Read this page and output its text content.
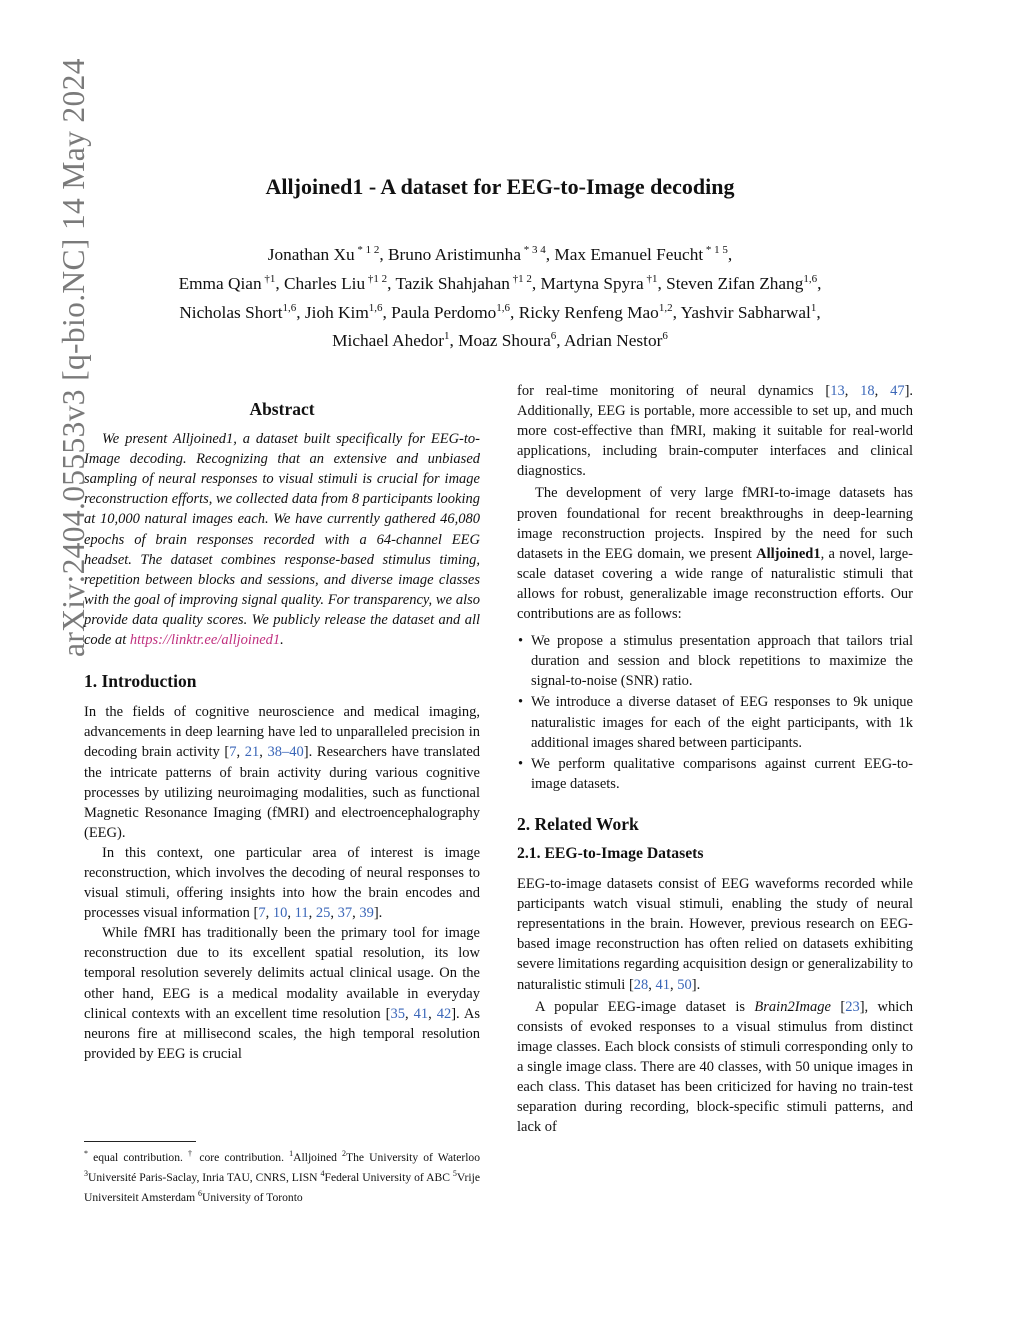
arXiv:2404.05553v3 [q-bio.NC] 14 May 2024	Alljoined1 - A dataset for EEG-to-Image decoding
Jonathan Xu $^{* 1 2}$, Bruno Aristimunha $^{* 3 4}$, Max Emanuel Feucht $^{* 1 5}$,
Emma Qian $^{\dagger 1}$, Charles Liu $^{\dagger 1 2}$, Tazik Shahjahan $^{\dagger 1 2}$, Martyna Spyra $^{\dagger 1}$, Steven Zifan Zhang$^{1,6}$,
Nicholas Short$^{1,6}$, Jioh Kim$^{1,6}$, Paula Perdomo$^{1,6}$, Ricky Renfeng Mao$^{1,2}$, Yashvir Sabharwal$^1$,
Michael Ahedor$^1$, Moaz Shoura$^6$, Adrian Nestor$^6$
Abstract

We present Alljoined1, a dataset built specifically for EEG-to-Image decoding. Recognizing that an extensive and unbiased sampling of neural responses to visual stimuli is crucial for image reconstruction efforts, we collected data from 8 participants looking at 10,000 natural images each. We have currently gathered 46,080 epochs of brain responses recorded with a 64-channel EEG headset. The dataset combines response-based stimulus timing, repetition between blocks and sessions, and diverse image classes with the goal of improving signal quality. For transparency, we also provide data quality scores. We publicly release the dataset and all code at https://linktr.ee/alljoined1.

1. Introduction

In the fields of cognitive neuroscience and medical imaging, advancements in deep learning have led to unparalleled precision in decoding brain activity [7, 21, 38–40]. Researchers have translated the intricate patterns of brain activity during various cognitive processes by utilizing neuroimaging modalities, such as functional Magnetic Resonance Imaging (fMRI) and electroencephalography (EEG).

In this context, one particular area of interest is image reconstruction, which involves the decoding of neural responses to visual stimuli, offering insights into how the brain encodes and processes visual information [7, 10, 11, 25, 37, 39].

While fMRI has traditionally been the primary tool for image reconstruction due to its excellent spatial resolution, its low temporal resolution severely delimits actual clinical usage. On the other hand, EEG is a medical modality available in everyday clinical contexts with an excellent time resolution [35, 41, 42]. As neurons fire at millisecond scales, the high temporal resolution provided by EEG is crucial

* equal contribution. † core contribution. $^1$Alljoined $^2$The University of Waterloo $^3$Université Paris-Saclay, Inria TAU, CNRS, LISN $^4$Federal University of ABC $^5$Vrije Universiteit Amsterdam $^6$University of Toronto

for real-time monitoring of neural dynamics [13, 18, 47]. Additionally, EEG is portable, more accessible to set up, and much more cost-effective than fMRI, making it suitable for real-world applications, including brain-computer interfaces and clinical diagnostics.

The development of very large fMRI-to-image datasets has proven foundational for recent breakthroughs in deep-learning image reconstruction projects. Inspired by the need for such datasets in the EEG domain, we present Alljoined1, a novel, large-scale dataset covering a wide range of naturalistic stimuli that allows for robust, generalizable image reconstruction efforts. Our contributions are as follows:

• We propose a stimulus presentation approach that tailors trial duration and session and block repetitions to maximize the signal-to-noise (SNR) ratio.
• We introduce a diverse dataset of EEG responses to 9k unique naturalistic images for each of the eight participants, with 1k additional images shared between participants.
• We perform qualitative comparisons against current EEG-to-image datasets.
2. Related Work
2.1. EEG-to-Image Datasets

EEG-to-image datasets consist of EEG waveforms recorded while participants watch visual stimuli, enabling the study of neural representations in the brain. However, previous research on EEG-based image reconstruction has often relied on datasets exhibiting severe limitations regarding acquisition design or generalizability to naturalistic stimuli [28, 41, 50].

A popular EEG-image dataset is Brain2Image [23], which consists of evoked responses to a visual stimulus from distinct image classes. Each block consists of stimuli corresponding only to a single image class. There are 40 classes, with 50 unique images in each class. This dataset has been criticized for having no train-test separation during recording, block-specific stimuli patterns, and lack of
